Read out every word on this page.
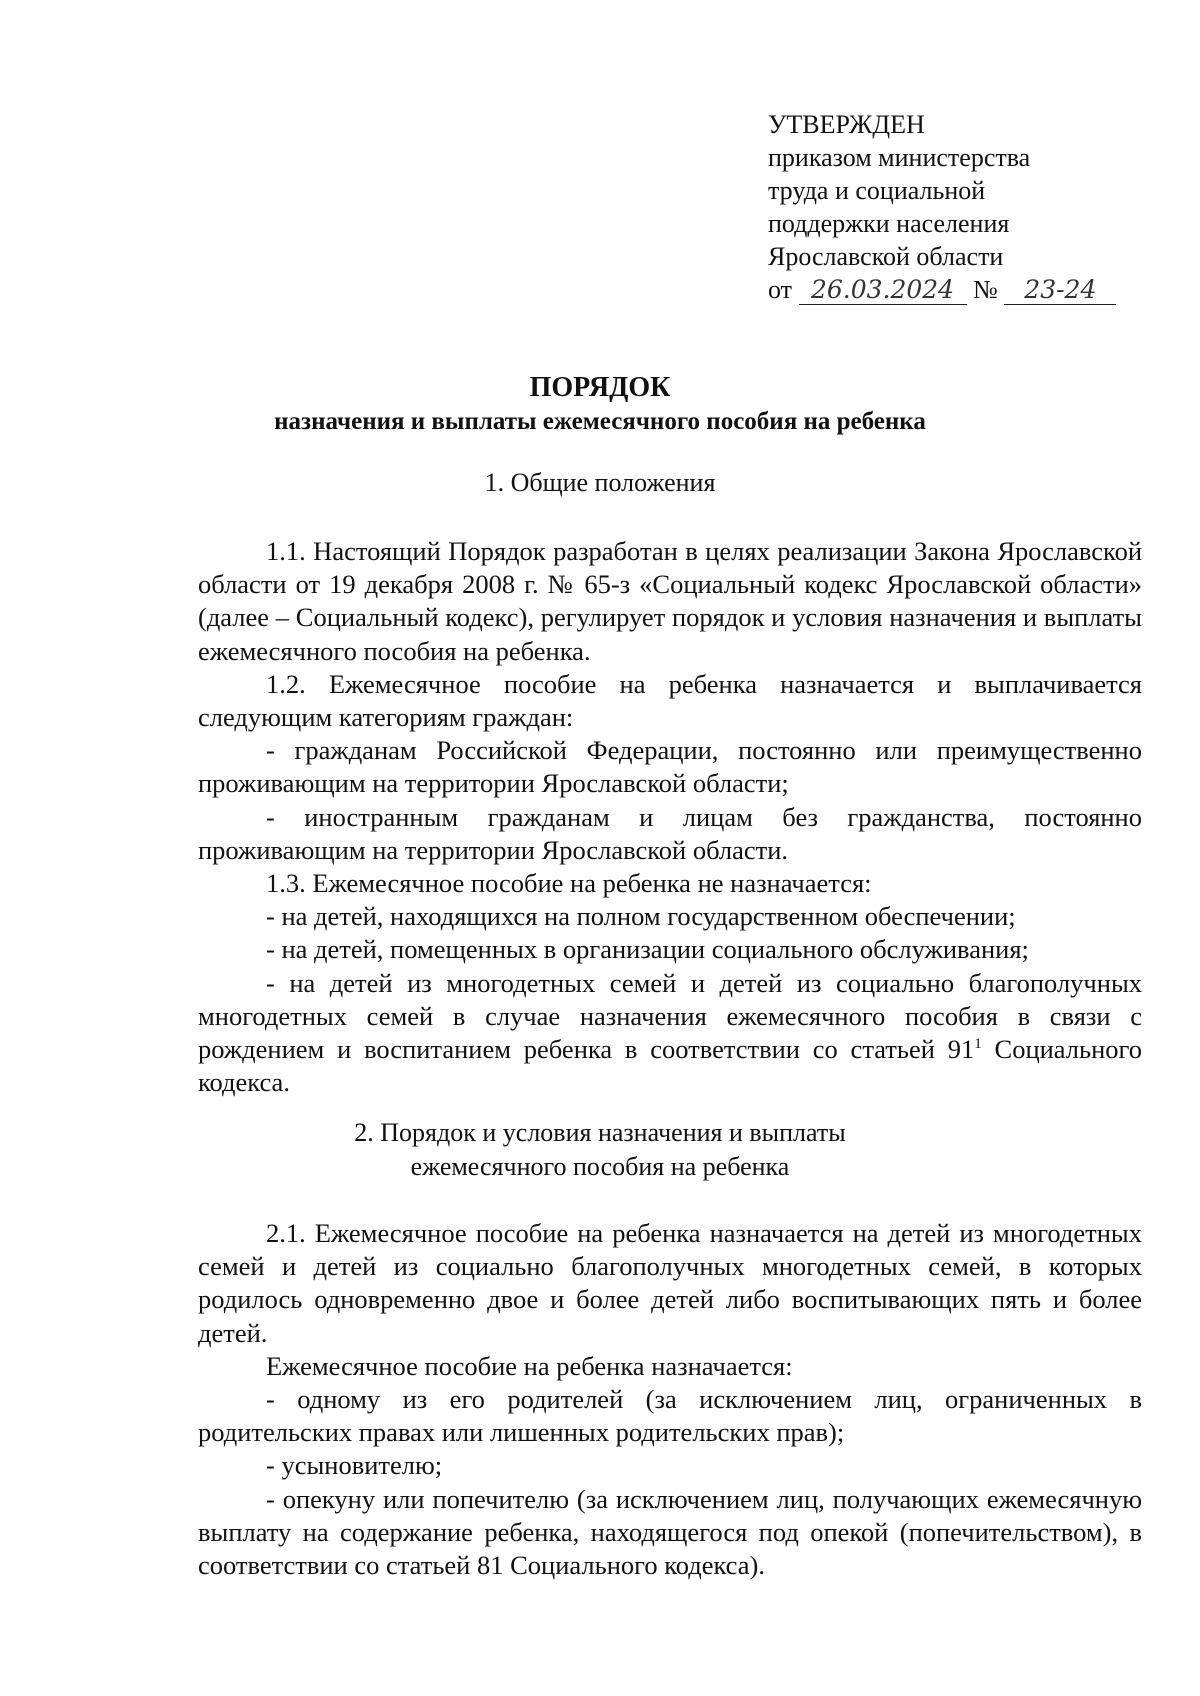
УТВЕРЖДЕН
приказом министерства
труда и социальной
поддержки населения
Ярославской области
от 26.03.2024 № 23-24
ПОРЯДОК
назначения и выплаты ежемесячного пособия на ребенка
1. Общие положения

1.1. Настоящий Порядок разработан в целях реализации Закона Ярославской области от 19 декабря 2008 г. № 65-з «Социальный кодекс Ярославской области» (далее – Социальный кодекс), регулирует порядок и условия назначения и выплаты ежемесячного пособия на ребенка.

1.2. Ежемесячное пособие на ребенка назначается и выплачивается следующим категориям граждан:

- гражданам Российской Федерации, постоянно или преимущественно проживающим на территории Ярославской области;

- иностранным гражданам и лицам без гражданства, постоянно проживающим на территории Ярославской области.

1.3. Ежемесячное пособие на ребенка не назначается:

- на детей, находящихся на полном государственном обеспечении;

- на детей, помещенных в организации социального обслуживания;

- на детей из многодетных семей и детей из социально благополучных многодетных семей в случае назначения ежемесячного пособия в связи с рождением и воспитанием ребенка в соответствии со статьей $91^1$ Социального кодекса.

2. Порядок и условия назначения и выплаты
ежемесячного пособия на ребенка

2.1. Ежемесячное пособие на ребенка назначается на детей из многодетных семей и детей из социально благополучных многодетных семей, в которых родилось одновременно двое и более детей либо воспитывающих пять и более детей.

Ежемесячное пособие на ребенка назначается:

- одному из его родителей (за исключением лиц, ограниченных в родительских правах или лишенных родительских прав);

- усыновителю;

- опекуну или попечителю (за исключением лиц, получающих ежемесячную выплату на содержание ребенка, находящегося под опекой (попечительством), в соответствии со статьей 81 Социального кодекса).
